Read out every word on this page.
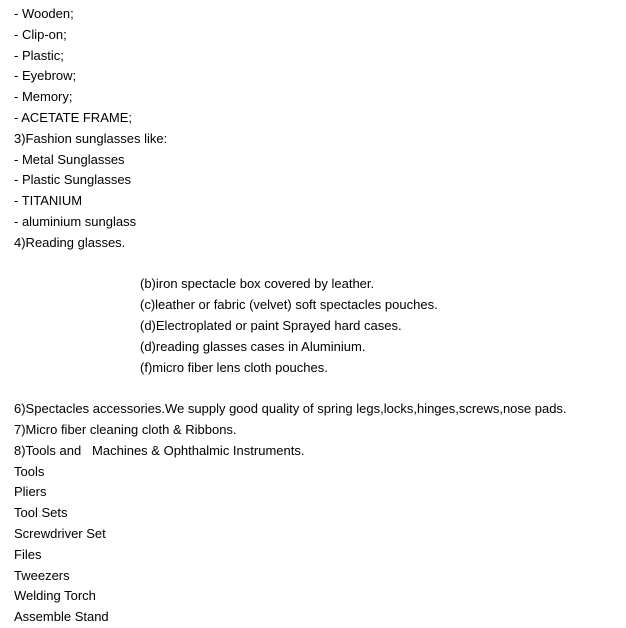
- Wooden;
- Clip-on;
- Plastic;
- Eyebrow;
- Memory;
- ACETATE FRAME;
3)Fashion sunglasses like:
- Metal Sunglasses
- Plastic Sunglasses
- TITANIUM
- aluminium sunglass
4)Reading glasses.

(b)iron spectacle box covered by leather.
(c)leather or fabric (velvet) soft spectacles pouches.
(d)Electroplated or paint Sprayed hard cases.
(d)reading glasses cases in Aluminium.
(f)micro fiber lens cloth pouches.
6)Spectacles accessories.We supply good quality of spring legs,locks,hinges,screws,nose pads.
7)Micro fiber cleaning cloth & Ribbons.
8)Tools and   Machines & Ophthalmic Instruments.
Tools
Pliers
Tool Sets
Screwdriver Set
Files
Tweezers
Welding Torch
Assemble Stand
